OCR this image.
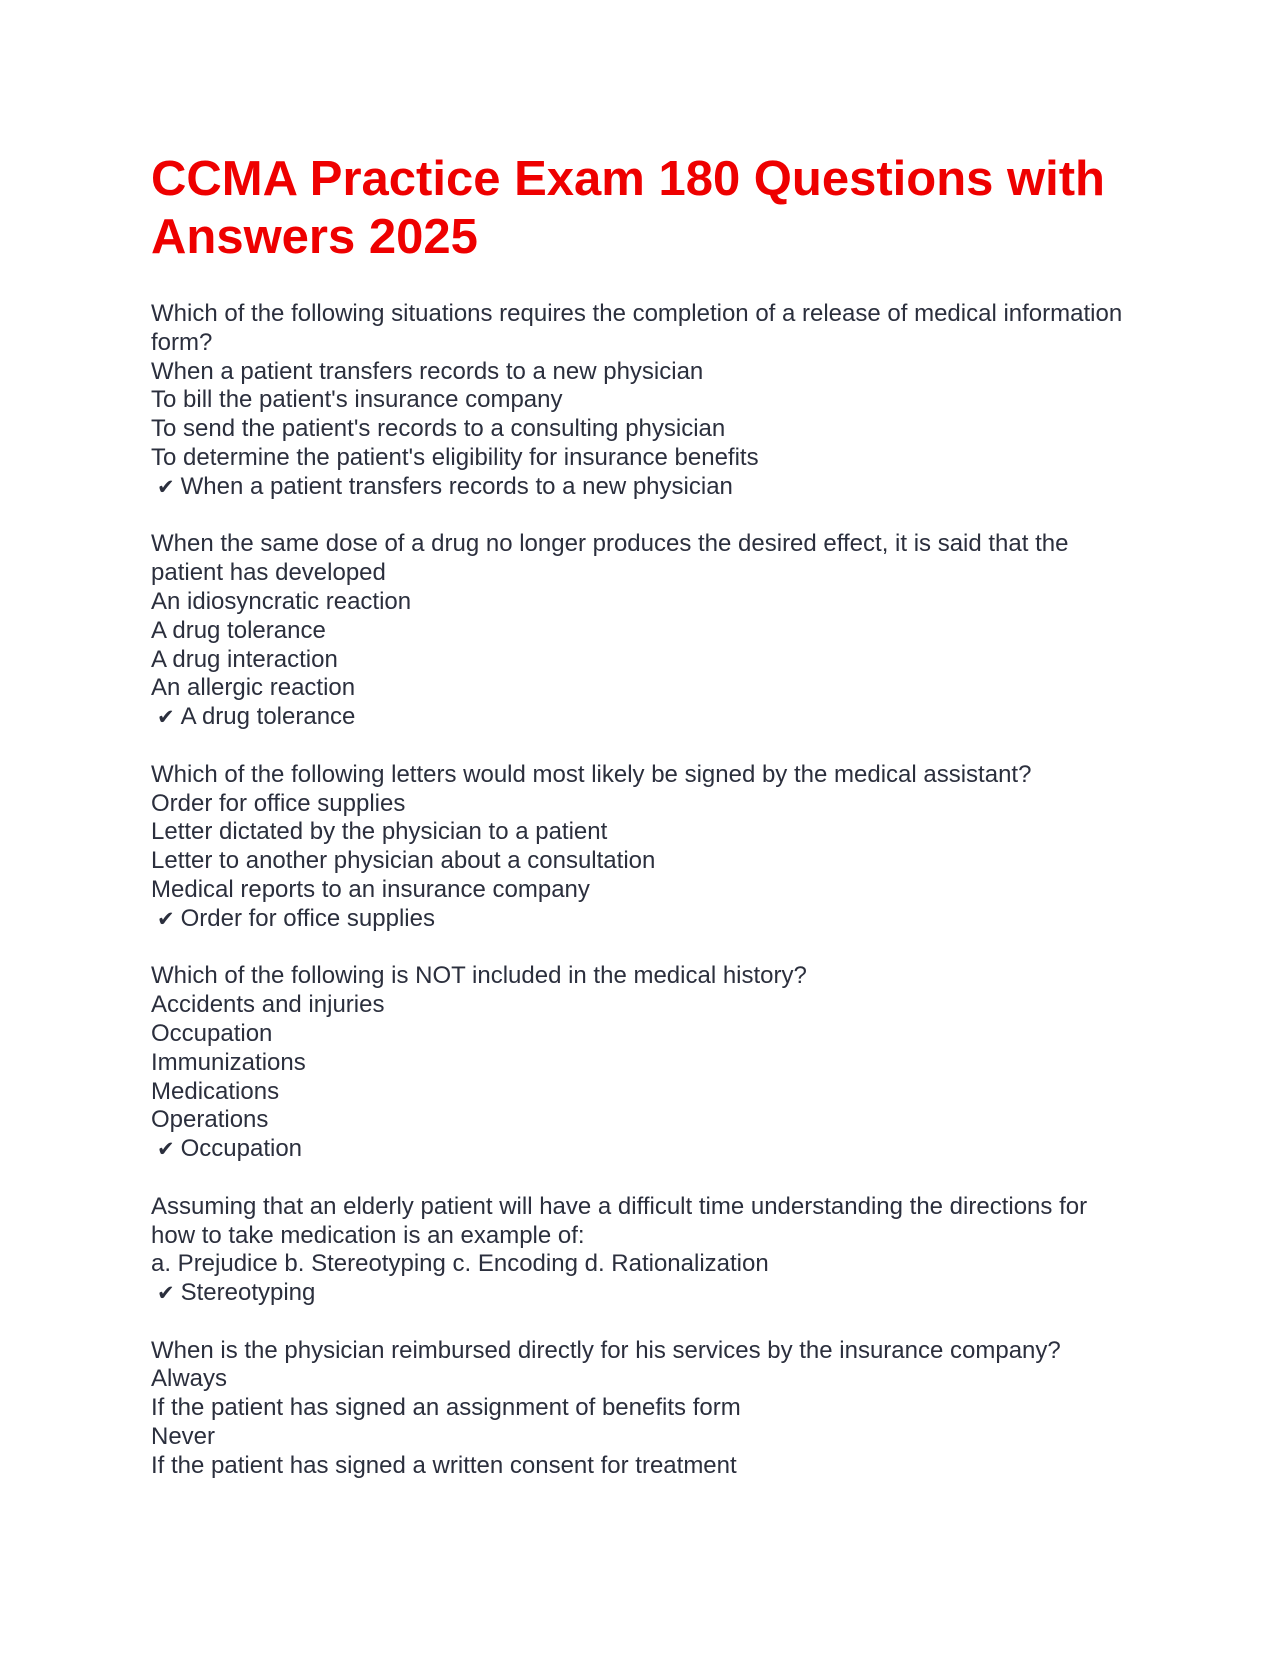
CCMA Practice Exam 180 Questions with Answers 2025
Which of the following situations requires the completion of a release of medical information form?
When a patient transfers records to a new physician
To bill the patient's insurance company
To send the patient's records to a consulting physician
To determine the patient's eligibility for insurance benefits
✔ When a patient transfers records to a new physician
When the same dose of a drug no longer produces the desired effect, it is said that the patient has developed
An idiosyncratic reaction
A drug tolerance
A drug interaction
An allergic reaction
✔ A drug tolerance
Which of the following letters would most likely be signed by the medical assistant?
Order for office supplies
Letter dictated by the physician to a patient
Letter to another physician about a consultation
Medical reports to an insurance company
✔ Order for office supplies
Which of the following is NOT included in the medical history?
Accidents and injuries
Occupation
Immunizations
Medications
Operations
✔ Occupation
Assuming that an elderly patient will have a difficult time understanding the directions for how to take medication is an example of:
a. Prejudice b. Stereotyping c. Encoding d. Rationalization
✔ Stereotyping
When is the physician reimbursed directly for his services by the insurance company?
Always
If the patient has signed an assignment of benefits form
Never
If the patient has signed a written consent for treatment
